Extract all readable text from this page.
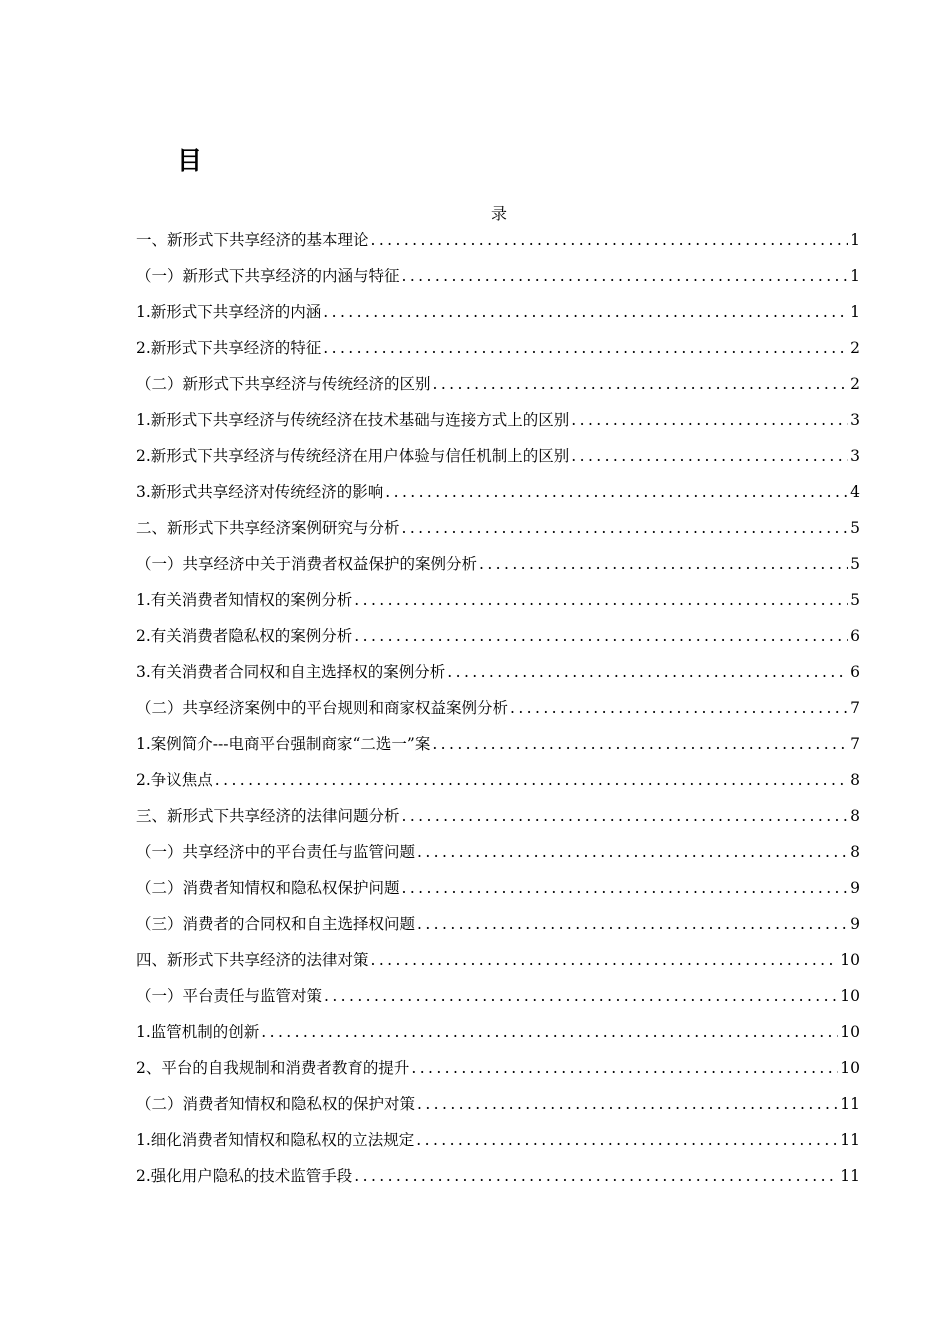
目
录
一、新形式下共享经济的基本理论 .....	1
（一）新形式下共享经济的内涵与特征 .....	1
1.新形式下共享经济的内涵 .....	1
2.新形式下共享经济的特征 .....	2
（二）新形式下共享经济与传统经济的区别 .....	2
1.新形式下共享经济与传统经济在技术基础与连接方式上的区别 .....	3
2.新形式下共享经济与传统经济在用户体验与信任机制上的区别 .....	3
3.新形式共享经济对传统经济的影响 .....	4
二、新形式下共享经济案例研究与分析 .....	5
（一）共享经济中关于消费者权益保护的案例分析 .....	5
1.有关消费者知情权的案例分析 .....	5
2.有关消费者隐私权的案例分析 .....	6
3.有关消费者合同权和自主选择权的案例分析 .....	6
（二）共享经济案例中的平台规则和商家权益案例分析 .....	7
1.案例简介---电商平台强制商家“二选一”案 .....	7
2.争议焦点 .....	8
三、新形式下共享经济的法律问题分析 .....	8
（一）共享经济中的平台责任与监管问题 .....	8
（二）消费者知情权和隐私权保护问题 .....	9
（三）消费者的合同权和自主选择权问题 .....	9
四、新形式下共享经济的法律对策 .....	10
（一）平台责任与监管对策 .....	10
1.监管机制的创新 .....	10
2、平台的自我规制和消费者教育的提升 .....	10
（二）消费者知情权和隐私权的保护对策 .....	11
1.细化消费者知情权和隐私权的立法规定 .....	11
2.强化用户隐私的技术监管手段 .....	11
